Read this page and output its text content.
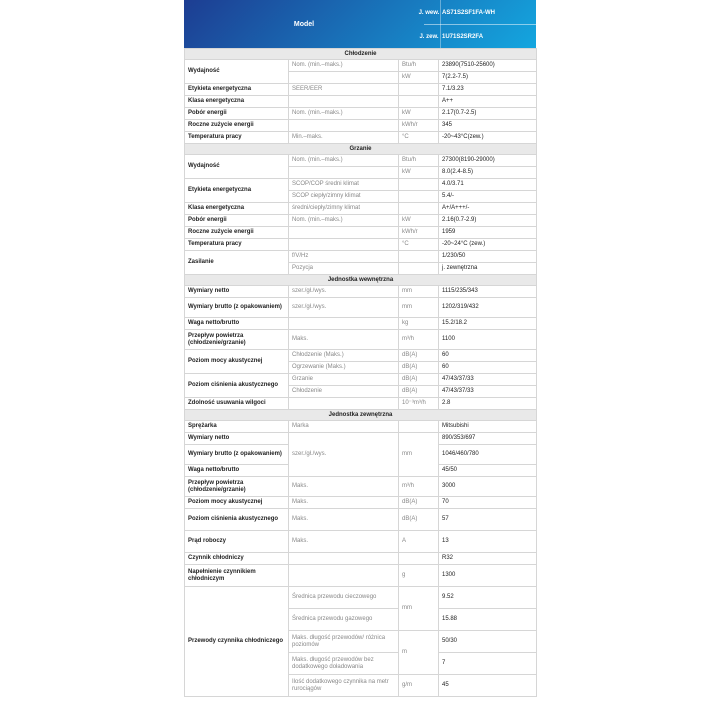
Model
J. wew. AS71S2SF1FA-WH
J. zew. 1U71S2SR2FA
Chłodzenie			
Wydajność	Nom. (min.–maks.)	Btu/h	23890(7510-25600)
		kW	7(2.2-7.5)
Etykieta energetyczna	SEER/EER		7.1/3.23
Klasa energetyczna			A++
Pobór energii	Nom. (min.–maks.)	kW	2.17(0.7-2.5)
Roczne zużycie energii		kWh/r	345
Temperatura pracy	Min.–maks.	°C	-20~43°C(zew.)
Grzanie			
Wydajność	Nom. (min.–maks.)	Btu/h	27300(8190-29000)
		kW	8.0(2.4-8.5)
Etykieta energetyczna	SCOP/COP średni klimat		4.0/3.71
	SCOP ciepły/zimny klimat		5.4/-
Klasa energetyczna	średni/ciepły/zimny klimat		A+/A+++/-
Pobór energii	Nom. (min.–maks.)	kW	2.16(0.7-2.9)
Roczne zużycie energii		kWh/r	1959
Temperatura pracy		°C	-20~24°C (zew.)
Zasilanie	f/V/Hz		1/230/50
	Pozycja		j. zewnętrzna
Jednostka wewnętrzna			
Wymiary netto	szer./gł./wys.	mm	1115/235/343
Wymiary brutto (z opakowaniem)	szer./gł./wys.	mm	1202/319/432
Waga netto/brutto		kg	15.2/18.2
Przepływ powietrza (chłodzenie/grzanie)	Maks.	m³/h	1100
Poziom mocy akustycznej	Chłodzenie (Maks.)	dB(A)	60
	Ogrzewanie (Maks.)	dB(A)	60
Poziom ciśnienia akustycznego	Grzanie	dB(A)	47/43/37/33
	Chłodzenie	dB(A)	47/43/37/33
Zdolność usuwania wilgoci		10⁻³m³/h	2.8
Jednostka zewnętrzna			
Sprężarka	Marka		Mitsubishi
Wymiary netto	szer./gł./wys.	mm	890/353/697
Wymiary brutto (z opakowaniem)			1046/460/780
Waga netto/brutto			45/50
Przepływ powietrza (chłodzenie/grzanie)	Maks.	m³/h	3000
Poziom mocy akustycznej	Maks.	dB(A)	70
Poziom ciśnienia akustycznego	Maks.	dB(A)	57
Prąd roboczy	Maks.	A	13
Czynnik chłodniczy			R32
Napełnienie czynnikiem chłodniczym		g	1300
Przewody czynnika chłodniczego	Średnica przewodu cieczowego	mm	9.52
	Średnica przewodu gazowego		15.88
	Maks. długość przewodów/ różnica poziomów	m	50/30
	Maks. długość przewodów bez dodatkowego doładowania		7
	Ilość dodatkowego czynnika na metr rurociągów	g/m	45
